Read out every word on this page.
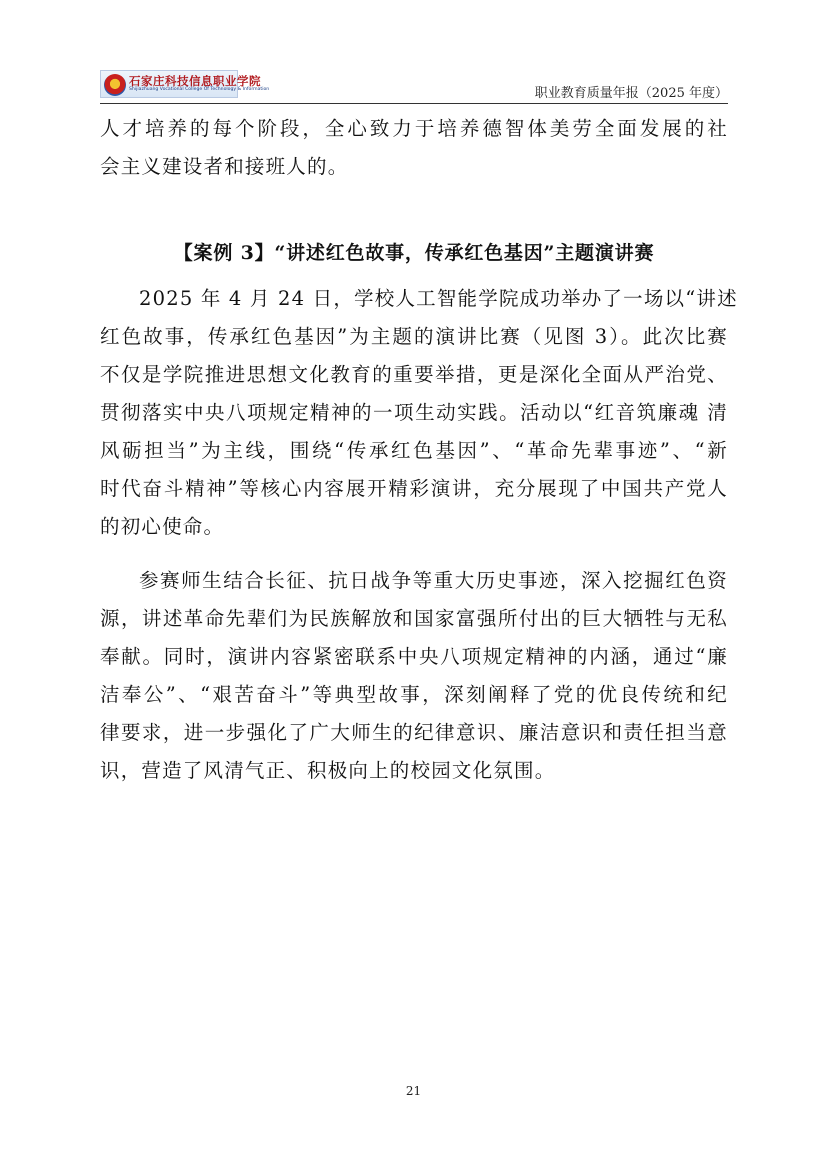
石家庄科技信息职业学院
Shijiazhuang Vocational College Of Technology & Information	职业教育质量年报（2025 年度）
人才培养的每个阶段，全心致力于培养德智体美劳全面发展的社
会主义建设者和接班人的。
【案例 3】“讲述红色故事，传承红色基因”主题演讲赛
2025 年 4 月 24 日，学校人工智能学院成功举办了一场以“讲述
红色故事，传承红色基因”为主题的演讲比赛（见图 3）。此次比赛
不仅是学院推进思想文化教育的重要举措，更是深化全面从严治党、
贯彻落实中央八项规定精神的一项生动实践。活动以“红音筑廉魂 清
风砺担当”为主线，围绕“传承红色基因”、“革命先辈事迹”、“新
时代奋斗精神”等核心内容展开精彩演讲，充分展现了中国共产党人
的初心使命。
参赛师生结合长征、抗日战争等重大历史事迹，深入挖掘红色资
源，讲述革命先辈们为民族解放和国家富强所付出的巨大牺牲与无私
奉献。同时，演讲内容紧密联系中央八项规定精神的内涵，通过“廉
洁奉公”、“艰苦奋斗”等典型故事，深刻阐释了党的优良传统和纪
律要求，进一步强化了广大师生的纪律意识、廉洁意识和责任担当意
识，营造了风清气正、积极向上的校园文化氛围。
21
